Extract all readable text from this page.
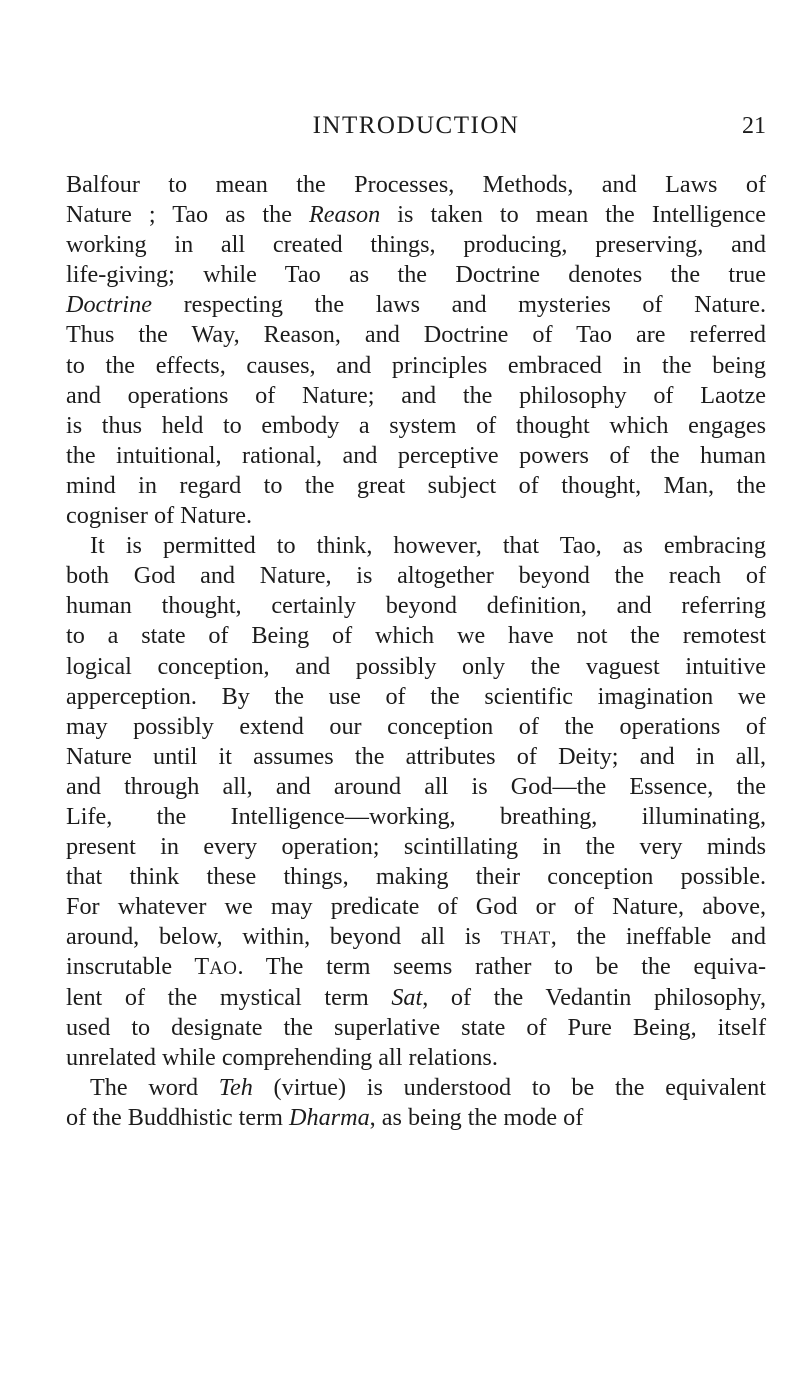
INTRODUCTION	21
Balfour to mean the Processes, Methods, and Laws of
Nature ; Tao as the Reason is taken to mean the Intelligence
working in all created things, producing, preserving, and
life-giving; while Tao as the Doctrine denotes the true
Doctrine respecting the laws and mysteries of Nature.
Thus the Way, Reason, and Doctrine of Tao are referred
to the effects, causes, and principles embraced in the being
and operations of Nature; and the philosophy of Laotze
is thus held to embody a system of thought which engages
the intuitional, rational, and perceptive powers of the human
mind in regard to the great subject of thought, Man, the
cogniser of Nature.
It is permitted to think, however, that Tao, as embracing
both God and Nature, is altogether beyond the reach of
human thought, certainly beyond definition, and referring
to a state of Being of which we have not the remotest
logical conception, and possibly only the vaguest intuitive
apperception. By the use of the scientific imagination we
may possibly extend our conception of the operations of
Nature until it assumes the attributes of Deity; and in all,
and through all, and around all is God—the Essence, the
Life, the Intelligence—working, breathing, illuminating,
present in every operation; scintillating in the very minds
that think these things, making their conception possible.
For whatever we may predicate of God or of Nature, above,
around, below, within, beyond all is THAT, the ineffable and
inscrutable TAO. The term seems rather to be the equiva-
lent of the mystical term Sat, of the Vedantin philosophy,
used to designate the superlative state of Pure Being, itself
unrelated while comprehending all relations.
The word Teh (virtue) is understood to be the equivalent
of the Buddhistic term Dharma, as being the mode of
